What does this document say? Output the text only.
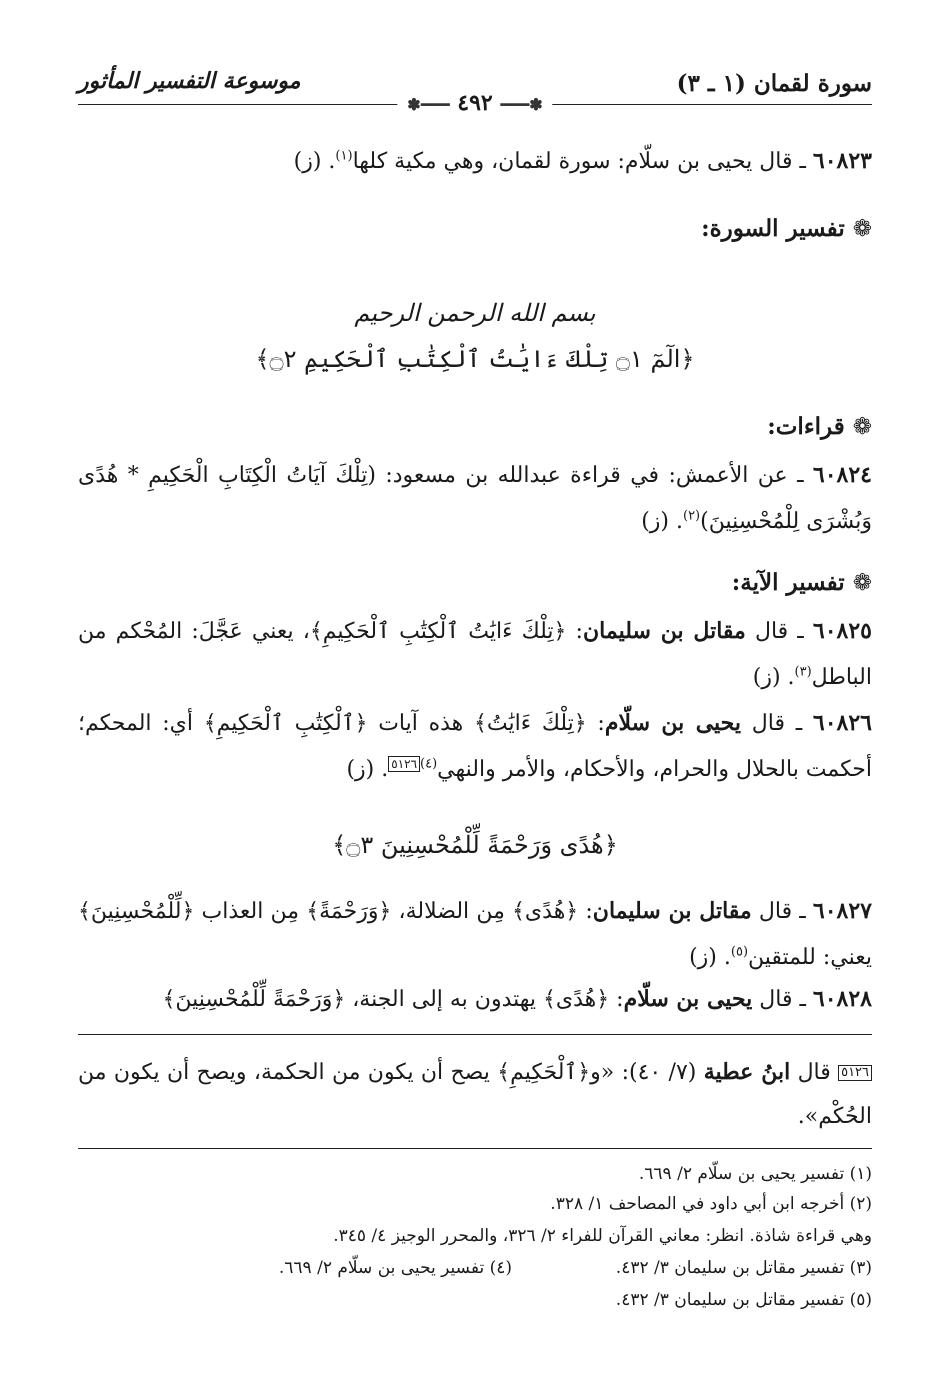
سورة لقمان (١ ـ ٣)
موسوعة التفسير المأثور
✽━━━ ٤٩٢ ━━━✽
٦٠٨٢٣ ـ قال يحيى بن سلّام: سورة لقمان، وهي مكية كلها$^{(١)}$. (ز)
❁تفسير السورة:
بسم الله الرحمن الرحيم
﴿الٓمٓ ۝١ تِلْكَ ءَايَٰتُ ٱلْكِتَٰبِ ٱلْحَكِيمِ ۝٢﴾
❁قراءات:
٦٠٨٢٤ ـ عن الأعمش: في قراءة عبدالله بن مسعود: (تِلْكَ آيَاتُ الْكِتَابِ الْحَكِيمِ * هُدًى وَبُشْرَى لِلْمُحْسِنِينَ)$^{(٢)}$. (ز)
❁تفسير الآية:
٦٠٨٢٥ ـ قال مقاتل بن سليمان: ﴿تِلْكَ ءَايَٰتُ ٱلْكِتَٰبِ ٱلْحَكِيمِ﴾، يعني عَجَّلَ: المُحْكم من الباطل$^{(٣)}$. (ز)
٦٠٨٢٦ ـ قال يحيى بن سلّام: ﴿تِلْكَ ءَايَٰتُ﴾ هذه آيات ﴿ٱلْكِتَٰبِ ٱلْحَكِيمِ﴾ أي: المحكم؛ أحكمت بالحلال والحرام، والأحكام، والأمر والنهي$^{(٤)}$٥١٢٦. (ز)
﴿هُدًى وَرَحْمَةً لِّلْمُحْسِنِينَ ۝٣﴾
٦٠٨٢٧ ـ قال مقاتل بن سليمان: ﴿هُدًى﴾ مِن الضلالة، ﴿وَرَحْمَةً﴾ مِن العذاب ﴿لِّلْمُحْسِنِينَ﴾ يعني: للمتقين$^{(٥)}$. (ز)
٦٠٨٢٨ ـ قال يحيى بن سلّام: ﴿هُدًى﴾ يهتدون به إلى الجنة، ﴿وَرَحْمَةً لِّلْمُحْسِنِينَ﴾
٥١٢٦ قال ابنُ عطية (٧/ ٤٠): «و﴿ٱلْحَكِيمِ﴾ يصح أن يكون من الحكمة، ويصح أن يكون من الحُكْم».
(١) تفسير يحيى بن سلّام ٢/ ٦٦٩.
(٢) أخرجه ابن أبي داود في المصاحف ١/ ٣٢٨.
وهي قراءة شاذة. انظر: معاني القرآن للفراء ٢/ ٣٢٦، والمحرر الوجيز ٤/ ٣٤٥.
(٣) تفسير مقاتل بن سليمان ٣/ ٤٣٢.(٤) تفسير يحيى بن سلّام ٢/ ٦٦٩.
(٥) تفسير مقاتل بن سليمان ٣/ ٤٣٢.
